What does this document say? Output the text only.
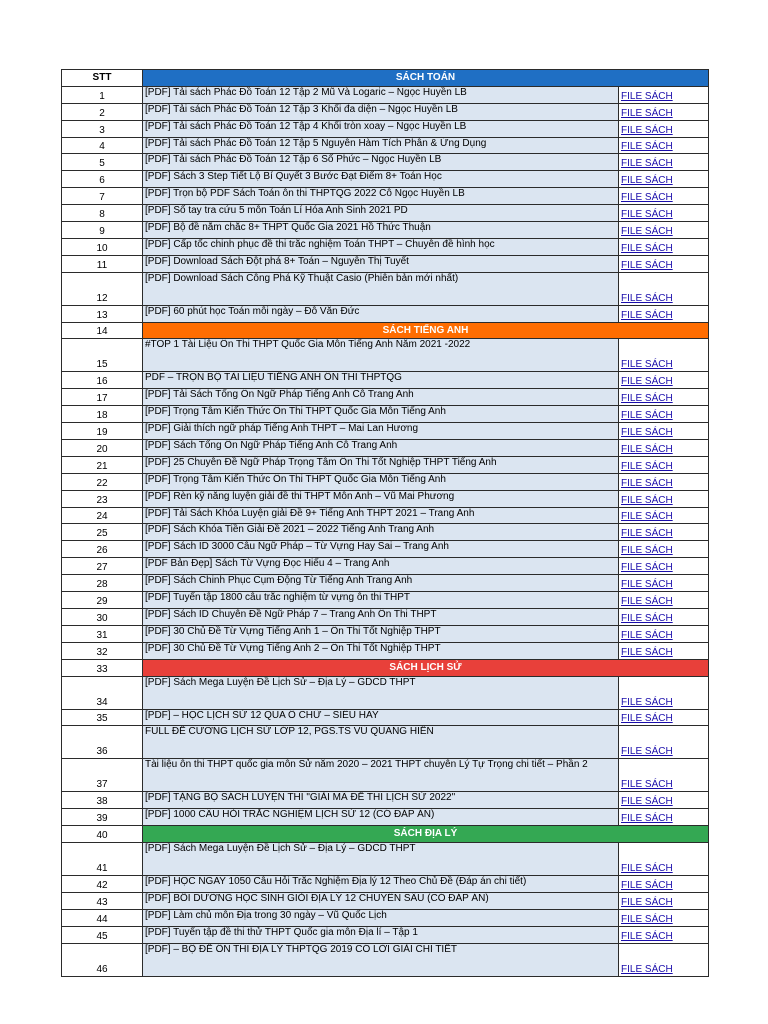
STT	SÁCH TOÁN	
1	[PDF] Tải sách Phác Đồ Toán 12 Tập 2 Mũ Và Logaric – Ngọc Huyền LB	FILE SÁCH
2	[PDF] Tải sách Phác Đồ Toán 12 Tập 3 Khối đa diện – Ngọc Huyền LB	FILE SÁCH
3	[PDF] Tải sách Phác Đồ Toán 12 Tập 4 Khối tròn xoay – Ngọc Huyền LB	FILE SÁCH
4	[PDF] Tải sách Phác Đồ Toán 12 Tập 5 Nguyên Hàm Tích Phân & Ứng Dụng	FILE SÁCH
5	[PDF] Tải sách Phác Đồ Toán 12 Tập 6 Số Phức – Ngọc Huyền LB	FILE SÁCH
6	[PDF] Sách 3 Step Tiết Lộ Bí Quyết 3 Bước Đạt Điểm 8+ Toán Học	FILE SÁCH
7	[PDF] Trọn bộ PDF Sách Toán ôn thi THPTQG 2022 Cô Ngọc Huyền LB	FILE SÁCH
8	[PDF] Sổ tay tra cứu 5 môn Toán Lí Hóa Anh Sinh 2021 PD	FILE SÁCH
9	[PDF] Bộ đề nắm chắc 8+ THPT Quốc Gia 2021 Hồ Thức Thuận	FILE SÁCH
10	[PDF] Cấp tốc chinh phục đề thi trắc nghiệm Toán THPT – Chuyên đề hình học	FILE SÁCH
11	[PDF] Download Sách Đột phá 8+ Toán – Nguyễn Thị Tuyết	FILE SÁCH
12	[PDF] Download Sách Công Phá Kỹ Thuật Casio (Phiên bản mới nhất)	FILE SÁCH
13	[PDF] 60 phút học Toán mỗi ngày – Đỗ Văn Đức	FILE SÁCH
14	SÁCH TIẾNG ANH	
15	#TOP 1 Tài Liệu Ôn Thi THPT Quốc Gia Môn Tiếng Anh Năm 2021 -2022	FILE SÁCH
16	PDF – TRỌN BỘ TÀI LIỆU TIẾNG ANH ÔN THI THPTQG	FILE SÁCH
17	[PDF] Tải Sách Tổng Ôn Ngữ Pháp Tiếng Anh Cô Trang Anh	FILE SÁCH
18	[PDF] Trọng Tâm Kiến Thức Ôn Thi THPT Quốc Gia Môn Tiếng Anh	FILE SÁCH
19	[PDF] Giải thích ngữ pháp Tiếng Anh THPT – Mai Lan Hương	FILE SÁCH
20	[PDF] Sách Tổng Ôn Ngữ Pháp Tiếng Anh Cô Trang Anh	FILE SÁCH
21	[PDF] 25 Chuyên Đề Ngữ Pháp Trọng Tâm Ôn Thi Tốt Nghiệp THPT Tiếng Anh	FILE SÁCH
22	[PDF] Trọng Tâm Kiến Thức Ôn Thi THPT Quốc Gia Môn Tiếng Anh	FILE SÁCH
23	[PDF] Rèn kỹ năng luyện giải đề thi THPT Môn Anh – Vũ Mai Phương	FILE SÁCH
24	[PDF] Tải Sách Khóa Luyện giải Đề 9+ Tiếng Anh THPT 2021 – Trang Anh	FILE SÁCH
25	[PDF] Sách Khóa Tiền Giải Đề 2021 – 2022 Tiếng Anh Trang Anh	FILE SÁCH
26	[PDF] Sách ID 3000 Câu Ngữ Pháp – Từ Vựng Hay Sai – Trang Anh	FILE SÁCH
27	[PDF Bản Đẹp] Sách Từ Vựng Đọc Hiểu 4 – Trang Anh	FILE SÁCH
28	[PDF] Sách Chinh Phục Cụm Động Từ Tiếng Anh Trang Anh	FILE SÁCH
29	[PDF] Tuyển tập 1800 câu trắc nghiệm từ vựng ôn thi THPT	FILE SÁCH
30	[PDF] Sách ID Chuyên Đề Ngữ Pháp 7 – Trang Anh Ôn Thi THPT	FILE SÁCH
31	[PDF] 30 Chủ Đề Từ Vựng Tiếng Anh 1 – Ôn Thi Tốt Nghiệp THPT	FILE SÁCH
32	[PDF] 30 Chủ Đề Từ Vựng Tiếng Anh 2 – Ôn Thi Tốt Nghiệp THPT	FILE SÁCH
33	SÁCH LỊCH SỬ	
34	[PDF] Sách Mega Luyện Đề Lịch Sử – Địa Lý – GDCD THPT	FILE SÁCH
35	[PDF] – HỌC LỊCH SỬ 12 QUA Ô CHỮ – SIÊU HAY	FILE SÁCH
36	FULL ĐỀ CƯƠNG LỊCH SỬ LỚP 12, PGS.TS VŨ QUANG HIỂN	FILE SÁCH
37	Tài liệu ôn thi THPT quốc gia môn Sử năm 2020 – 2021 THPT chuyên Lý Tự Trọng chi tiết – Phần 2	FILE SÁCH
38	[PDF] TẶNG BỘ SÁCH LUYỆN THI "GIẢI MÃ ĐỀ THI LỊCH SỬ 2022"	FILE SÁCH
39	[PDF] 1000 CÂU HỎI TRẮC NGHIỆM LỊCH SỬ 12 (CÓ ĐÁP ÁN)	FILE SÁCH
40	SÁCH ĐỊA LÝ	
41	[PDF] Sách Mega Luyện Đề Lịch Sử – Địa Lý – GDCD THPT	FILE SÁCH
42	[PDF] HỌC NGAY 1050 Câu Hỏi Trắc Nghiệm Địa lý 12 Theo Chủ Đề (Đáp án chi tiết)	FILE SÁCH
43	[PDF] BỒI DƯỠNG HỌC SINH GIỎI ĐỊA LÝ 12 CHUYÊN SÂU (CÓ ĐÁP ÁN)	FILE SÁCH
44	[PDF] Làm chủ môn Địa trong 30 ngày – Vũ Quốc Lịch	FILE SÁCH
45	[PDF] Tuyển tập đề thi thử THPT Quốc gia môn Địa lí – Tập 1	FILE SÁCH
46	[PDF] – BỘ ĐỀ ÔN THI ĐỊA LÝ THPTQG 2019 CÓ LỜI GIẢI CHI TIẾT	FILE SÁCH
